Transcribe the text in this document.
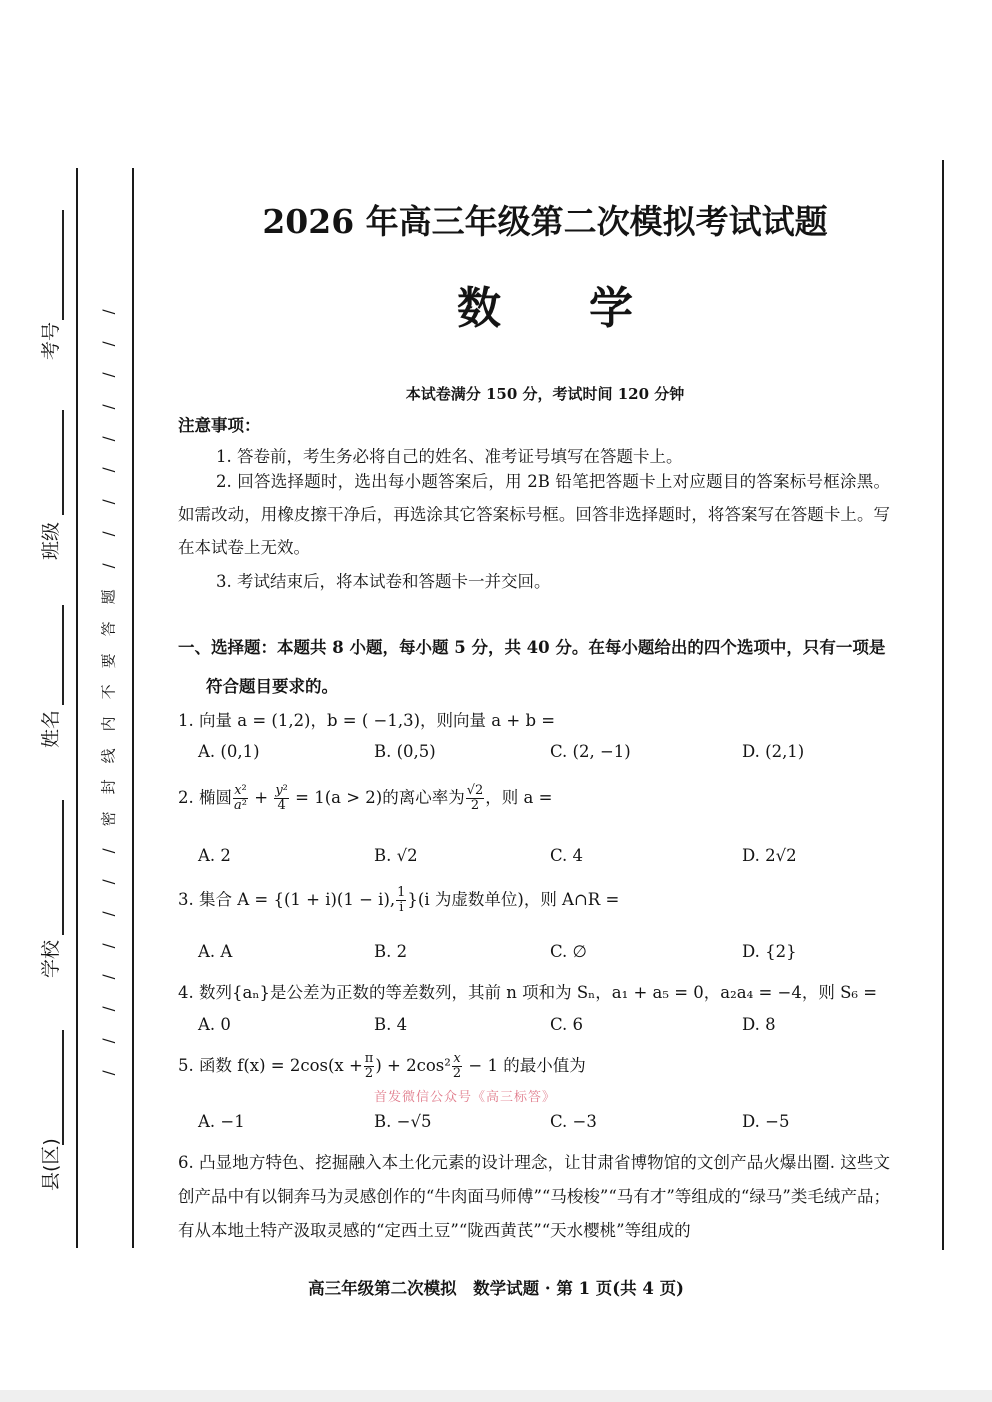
考号
班级
姓名
学校
县(区)
/
/
/
/
/
/
/
/
/
题
答
要
不
内
线
封
密
/
/
/
/
/
/
/
/
2026 年高三年级第二次模拟考试试题
数　　学
本试卷满分 150 分，考试时间 120 分钟
注意事项：
1. 答卷前，考生务必将自己的姓名、准考证号填写在答题卡上。
2. 回答选择题时，选出每小题答案后，用 2B 铅笔把答题卡上对应题目的答案标号框涂黑。如需改动，用橡皮擦干净后，再选涂其它答案标号框。回答非选择题时，将答案写在答题卡上。写在本试卷上无效。
3. 考试结束后，将本试卷和答题卡一并交回。
一、选择题：本题共 8 小题，每小题 5 分，共 40 分。在每小题给出的四个选项中，只有一项是
符合题目要求的。
1. 向量 a = (1,2)，b = ( −1,3)，则向量 a + b =
A. (0,1)	B. (0,5)	C. (2, −1)	D. (2,1)
2. 椭圆 $\frac{\text{x²}}{\text{a²}} + \frac{\text{y²}}{4} = 1(a > 2)$的离心率为 $\frac{√2}{2}$ ，则 a =
A. 2	B. √2	C. 4	D. 2√2
3. 集合 A = {(1 + i)(1 − i), $\frac{1}{i} \}(i$ 为虚数单位)，则 A∩R =
A. A	B. 2	C. ∅	D. {2}
4. 数列{aₙ}是公差为正数的等差数列，其前 n 项和为 Sₙ，a₁ + a₅ = 0，a₂a₄ = −4，则 S₆ =
A. 0	B. 4	C. 6	D. 8
5. 函数 $f(x) = 2\cos(x + \frac{\pi}{2}$ ) + $2\cos^2 \frac{x}{2} - 1$ 的最小值为
首发微信公众号《高三标答》
A. −1	B. −√5	C. −3	D. −5
6. 凸显地方特色、挖掘融入本土化元素的设计理念，让甘肃省博物馆的文创产品火爆出圈. 这些文创产品中有以铜奔马为灵感创作的“牛肉面马师傅”“马梭梭”“马有才”等组成的“绿马”类毛绒产品；有从本地土特产汲取灵感的“定西土豆”“陇西黄芪”“天水樱桃”等组成的
高三年级第二次模拟　数学试题 · 第 1 页(共 4 页)
